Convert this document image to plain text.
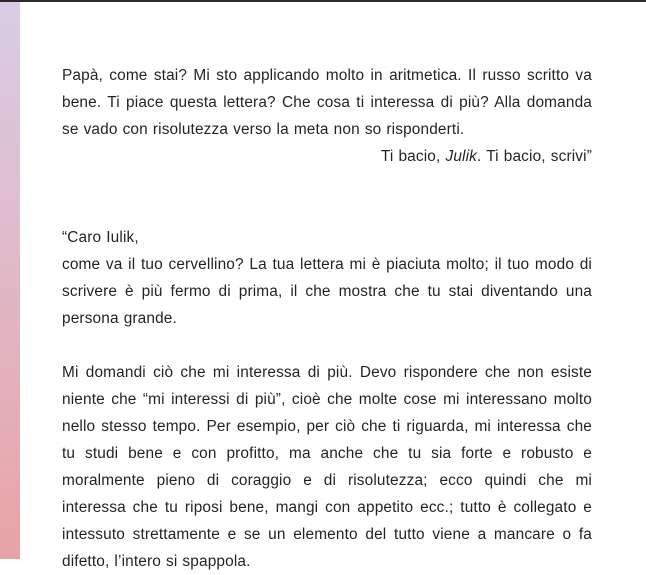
Papà, come stai? Mi sto applicando molto in aritmetica. Il russo scritto va bene. Ti piace questa lettera? Che cosa ti interessa di più? Alla domanda se vado con risolutezza verso la meta non so risponderti.

Ti bacio, Julik. Ti bacio, scrivi”

“Caro Iulik,

come va il tuo cervellino? La tua lettera mi è piaciuta molto; il tuo modo di scrivere è più fermo di prima, il che mostra che tu stai diventando una persona grande.

Mi domandi ciò che mi interessa di più. Devo rispondere che non esiste niente che “mi interessi di più”, cioè che molte cose mi interessano molto nello stesso tempo. Per esempio, per ciò che ti riguarda, mi interessa che tu studi bene e con profitto, ma anche che tu sia forte e robusto e moralmente pieno di coraggio e di risolutezza; ecco quindi che mi interessa che tu riposi bene, mangi con appetito ecc.; tutto è collegato e intessuto strettamente e se un elemento del tutto viene a mancare o fa difetto, l’intero si spappola.
